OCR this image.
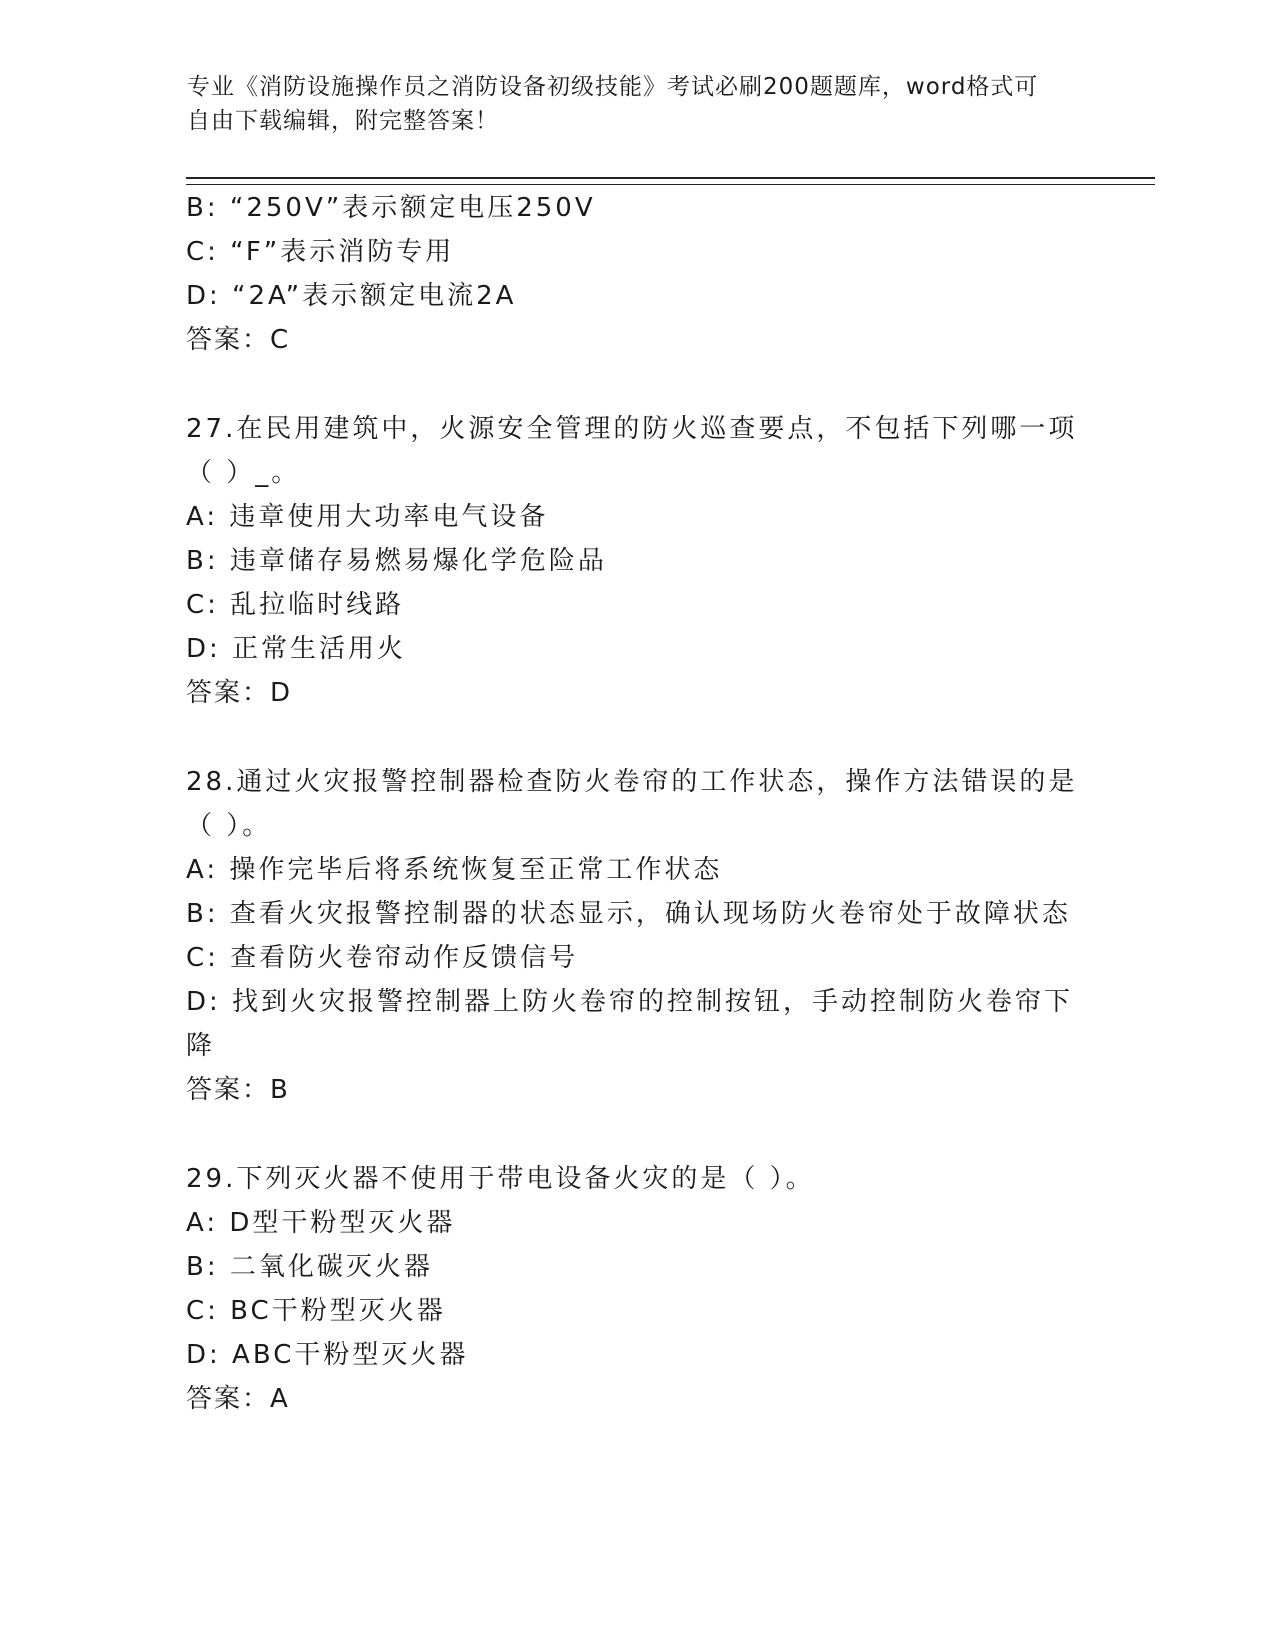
专业《消防设施操作员之消防设备初级技能》考试必刷200题题库，word格式可
自由下载编辑，附完整答案！
B: “250V”表示额定电压250V
C: “F”表示消防专用
D: “2A”表示额定电流2A
答案：C
27.在民用建筑中，火源安全管理的防火巡查要点，不包括下列哪一项
（ ）_。
A: 违章使用大功率电气设备
B: 违章储存易燃易爆化学危险品
C: 乱拉临时线路
D: 正常生活用火
答案：D
28.通过火灾报警控制器检查防火卷帘的工作状态，操作方法错误的是
（ ）。
A: 操作完毕后将系统恢复至正常工作状态
B: 查看火灾报警控制器的状态显示，确认现场防火卷帘处于故障状态
C: 查看防火卷帘动作反馈信号
D: 找到火灾报警控制器上防火卷帘的控制按钮，手动控制防火卷帘下
降
答案：B
29.下列灭火器不使用于带电设备火灾的是（ ）。
A: D型干粉型灭火器
B: 二氧化碳灭火器
C: BC干粉型灭火器
D: ABC干粉型灭火器
答案：A
